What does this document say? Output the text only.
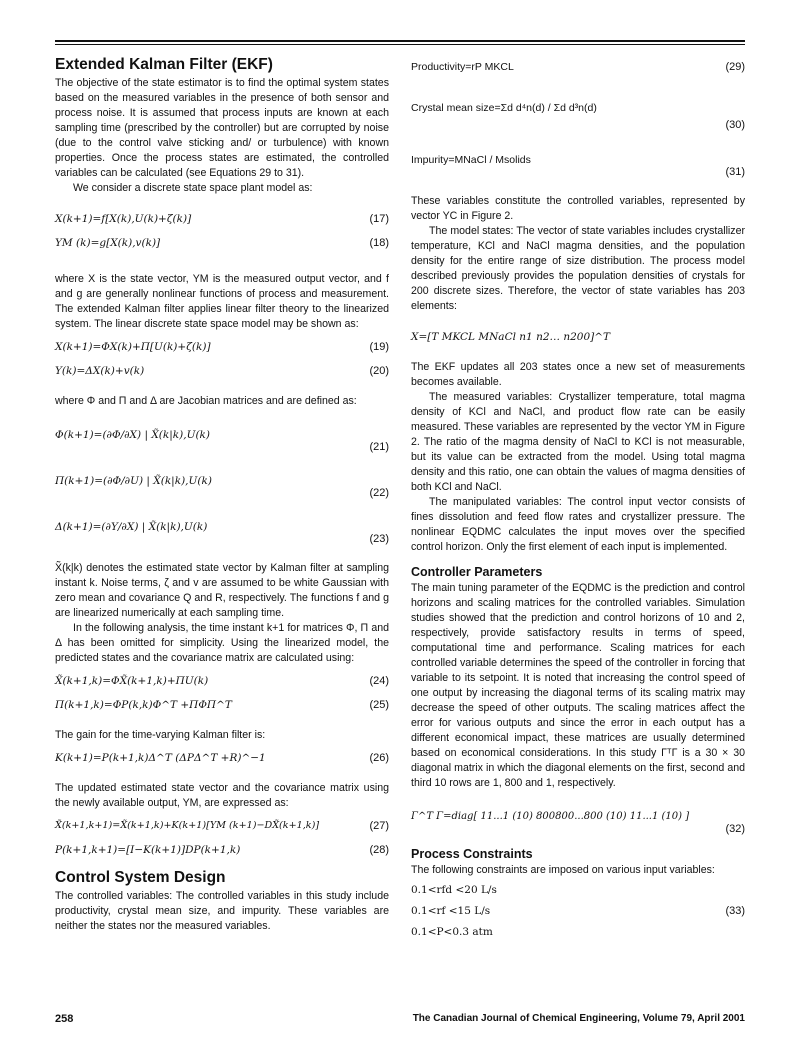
Extended Kalman Filter (EKF)

The objective of the state estimator is to find the optimal system states based on the measured variables in the presence of both sensor and process noise. It is assumed that process inputs are known at each sampling time (prescribed by the controller) but are corrupted by noise (due to the control valve sticking and/ or turbulence) with known properties. Once the process states are estimated, the controlled variables can be calculated (see Equations 29 to 31).

We consider a discrete state space plant model as:

X(k+1)=f[X(k),U(k)+ζ(k)]	(17)
YM (k)=g[X(k),v(k)]	(18)

where X is the state vector, YM is the measured output vector, and f and g are generally nonlinear functions of process and measurement. The extended Kalman filter applies linear filter theory to the linearized system. The linear discrete state space model may be shown as:

X(k+1)=ΦX(k)+Π[U(k)+ζ(k)]	(19)
Y(k)=ΔX(k)+v(k)	(20)

where Φ and Π and Δ are Jacobian matrices and are defined as:

Φ(k+1)=(∂Φ/∂X) | X̃(k|k),U(k)
(21)
Π(k+1)=(∂Φ/∂U) | X̃(k|k),U(k)
(22)
Δ(k+1)=(∂Y/∂X) | X̃(k|k),U(k)
(23)

X̃(k|k) denotes the estimated state vector by Kalman filter at sampling instant k. Noise terms, ζ and v are assumed to be white Gaussian with zero mean and covariance Q and R, respectively. The functions f and g are linearized numerically at each sampling time.

In the following analysis, the time instant k+1 for matrices Φ, Π and Δ has been omitted for simplicity. Using the linearized model, the predicted states and the covariance matrix are calculated using:

X̃(k+1,k)=ΦX̃(k+1,k)+ΠU(k)	(24)
Π(k+1,k)=ΦP(k,k)Φ^T +ΠΦΠ^T	(25)

The gain for the time-varying Kalman filter is:

K(k+1)=P(k+1,k)Δ^T (ΔPΔ^T +R)^−1	(26)

The updated estimated state vector and the covariance matrix using the newly available output, YM, are expressed as:

X̃(k+1,k+1)=X̃(k+1,k)+K(k+1)[YM (k+1)−DX̃(k+1,k)]	(27)
P(k+1,k+1)=[I−K(k+1)]DP(k+1,k)	(28)
Control System Design

The controlled variables: The controlled variables in this study include productivity, crystal mean size, and impurity. These variables are neither the states nor the measured variables.

Productivity=rP MKCL	(29)
Crystal mean size=Σd d⁴n(d) / Σd d³n(d)
(30)
Impurity=MNaCl / Msolids
(31)

These variables constitute the controlled variables, represented by vector YC in Figure 2.

The model states: The vector of state variables includes crystallizer temperature, KCl and NaCl magma densities, and the population density for the entire range of size distribution. The process model described previously provides the population densities of crystals for 200 discrete sizes. Therefore, the vector of state variables has 203 elements:

X=[T MKCL MNaCl n1 n2… n200]^T

The EKF updates all 203 states once a new set of measurements becomes available.

The measured variables: Crystallizer temperature, total magma density of KCl and NaCl, and product flow rate can be easily measured. These variables are represented by the vector YM in Figure 2. The ratio of the magma density of NaCl to KCl is not measurable, but its value can be extracted from the model. Using total magma density and this ratio, one can obtain the values of magma densities of both KCl and NaCl.

The manipulated variables: The control input vector consists of fines dissolution and feed flow rates and crystallizer pressure. The nonlinear EQDMC calculates the input moves over the specified control horizon. Only the first element of each input is implemented.

Controller Parameters

The main tuning parameter of the EQDMC is the prediction and control horizons and scaling matrices for the controlled variables. Simulation studies showed that the prediction and control horizons of 10 and 2, respectively, provide satisfactory results in terms of speed, computational time and performance. Scaling matrices for each controlled variable determines the speed of the controller in forcing that variable to its setpoint. It is noted that increasing the control speed of one output by increasing the diagonal terms of its scaling matrix may decrease the speed of other outputs. The scaling matrices affect the error for various outputs and since the error in each output has a different economical impact, these matrices are usually determined based on economical considerations. In this study ΓᵀΓ is a 30 × 30 diagonal matrix in which the diagonal elements on the first, second and third 10 rows are 1, 800 and 1, respectively.

Γ^T Γ=diag[ 11...1 (10) 800800...800 (10) 11...1 (10) ]
(32)
Process Constraints

The following constraints are imposed on various input variables:

0.1<rfd <20 L/s
0.1<rf <15 L/s	(33)
0.1<P<0.3 atm
258	The Canadian Journal of Chemical Engineering, Volume 79, April 2001
